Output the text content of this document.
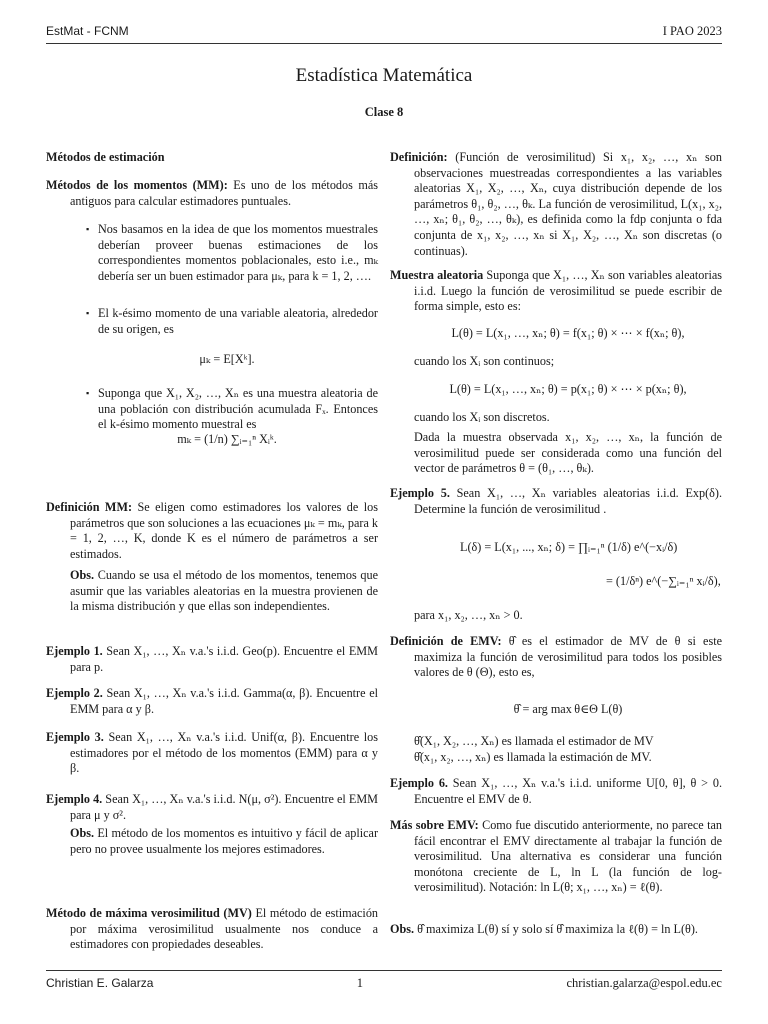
EstMat - FCNM	I PAO 2023
Estadística Matemática
Clase 8

Métodos de estimación

Métodos de los momentos (MM): Es uno de los métodos más antiguos para calcular estimadores puntuales.

▪ Nos basamos en la idea de que los momentos muestrales deberían proveer buenas estimaciones de los correspondientes momentos poblacionales, esto i.e., mₖ debería ser un buen estimador para μₖ, para k = 1, 2, ….
▪ El k-ésimo momento de una variable aleatoria, alrededor de su origen, es

μₖ = E[Xᵏ].

▪ Suponga que X₁, X₂, …, Xₙ es una muestra aleatoria de una población con distribución acumulada Fₓ. Entonces el k-ésimo momento muestral es

mₖ = (1/n) ∑ᵢ₌₁ⁿ Xᵢᵏ.

Definición MM: Se eligen como estimadores los valores de los parámetros que son soluciones a las ecuaciones μₖ = mₖ, para k = 1, 2, …, K, donde K es el número de parámetros a ser estimados.

Obs. Cuando se usa el método de los momentos, tenemos que asumir que las variables aleatorias en la muestra provienen de la misma distribución y que ellas son independientes.

Ejemplo 1. Sean X₁, …, Xₙ v.a.'s i.i.d. Geo(p). Encuentre el EMM para p.

Ejemplo 2. Sean X₁, …, Xₙ v.a.'s i.i.d. Gamma(α, β). Encuentre el EMM para α y β.

Ejemplo 3. Sean X₁, …, Xₙ v.a.'s i.i.d. Unif(α, β). Encuentre los estimadores por el método de los momentos (EMM) para α y β.

Ejemplo 4. Sean X₁, …, Xₙ v.a.'s i.i.d. N(μ, σ²). Encuentre el EMM para μ y σ².

Obs. El método de los momentos es intuitivo y fácil de aplicar pero no provee usualmente los mejores estimadores.

Método de máxima verosimilitud (MV) El método de estimación por máxima verosimilitud usualmente nos conduce a estimadores con propiedades deseables.

Definición: (Función de verosimilitud) Si x₁, x₂, …, xₙ son observaciones muestreadas correspondientes a las variables aleatorias X₁, X₂, …, Xₙ, cuya distribución depende de los parámetros θ₁, θ₂, …, θₖ. La función de verosimilitud, L(x₁, x₂, …, xₙ; θ₁, θ₂, …, θₖ), es definida como la fdp conjunta o fda conjunta de x₁, x₂, …, xₙ si X₁, X₂, …, Xₙ son discretas (o continuas).

Muestra aleatoria Suponga que X₁, …, Xₙ son variables aleatorias i.i.d. Luego la función de verosimilitud se puede escribir de forma simple, esto es:

L(θ) = L(x₁, …, xₙ; θ) = f(x₁; θ) × ⋯ × f(xₙ; θ),

cuando los Xᵢ son continuos;

L(θ) = L(x₁, …, xₙ; θ) = p(x₁; θ) × ⋯ × p(xₙ; θ),

cuando los Xᵢ son discretos.

Dada la muestra observada x₁, x₂, …, xₙ, la función de verosimilitud puede ser considerada como una función del vector de parámetros θ = (θ₁, …, θₖ).

Ejemplo 5. Sean X₁, …, Xₙ variables aleatorias i.i.d. Exp(δ). Determine la función de verosimilitud .

L(δ) = L(x₁, ..., xₙ; δ) = ∏ᵢ₌₁ⁿ (1/δ) e^(−xᵢ/δ)

= (1/δⁿ) e^(−∑ᵢ₌₁ⁿ xᵢ/δ),

para x₁, x₂, …, xₙ > 0.

Definición de EMV: θ̂ es el estimador de MV de θ si este maximiza la función de verosimilitud para todos los posibles valores de θ (Θ), esto es,

θ̂ = arg max θ∈Θ L(θ)

θ̂(X₁, X₂, …, Xₙ) es llamada el estimador de MV

θ̂(x₁, x₂, …, xₙ) es llamada la estimación de MV.

Ejemplo 6. Sean X₁, …, Xₙ v.a.'s i.i.d. uniforme U[0, θ], θ > 0. Encuentre el EMV de θ.

Más sobre EMV: Como fue discutido anteriormente, no parece tan fácil encontrar el EMV directamente al trabajar la función de verosimilitud. Una alternativa es considerar una función monótona creciente de L, ln L (la función de log-verosimilitud). Notación: ln L(θ; x₁, …, xₙ) = ℓ(θ).

Obs. θ̂ maximiza L(θ) sí y solo sí θ̂ maximiza la ℓ(θ) = ln L(θ).

Christian E. Galarza	1	christian.galarza@espol.edu.ec
